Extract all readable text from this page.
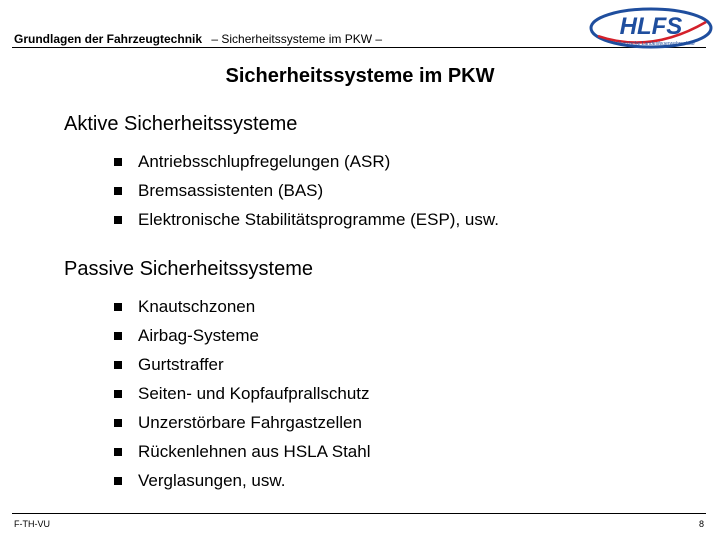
Grundlagen der Fahrzeugtechnik – Sicherheitssysteme im PKW –	HLFS
Hessische Landesfeuerwehrschule
Sicherheitssysteme im PKW
Aktive Sicherheitssysteme
Antriebsschlupfregelungen (ASR)
Bremsassistenten (BAS)
Elektronische Stabilitätsprogramme (ESP), usw.
Passive Sicherheitssysteme
Knautschzonen
Airbag-Systeme
Gurtstraffer
Seiten- und Kopfaufprallschutz
Unzerstörbare Fahrgastzellen
Rückenlehnen aus HSLA Stahl
Verglasungen, usw.
F-TH-VU	8
